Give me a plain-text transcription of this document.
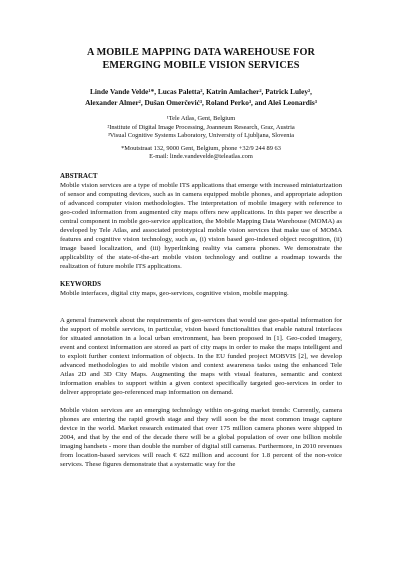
A MOBILE MAPPING DATA WAREHOUSE FOR
EMERGING MOBILE VISION SERVICES
Linde Vande Velde¹*, Lucas Paletta², Katrin Amlacher², Patrick Luley²,
Alexander Almer², Dušan Omerčević³, Roland Perko³, and Aleš Leonardis³
¹Tele Atlas, Gent, Belgium
²Institute of Digital Image Processing, Joanneum Research, Graz, Austria
³Visual Cognitive Systems Laboratory, University of Ljubljana, Slovenia
*Moutstraat 132, 9000 Gent, Belgium, phone +32/9 244 89 63
E-mail: linde.vandevelde@teleatlas.com

ABSTRACT

Mobile vision services are a type of mobile ITS applications that emerge with increased miniaturization of sensor and computing devices, such as in camera equipped mobile phones, and appropriate adoption of advanced computer vision methodologies. The interpretation of mobile imagery with reference to geo-coded information from augmented city maps offers new applications. In this paper we describe a central component in mobile geo-service application, the Mobile Mapping Data Warehouse (MOMA) as developed by Tele Atlas, and associated prototypical mobile vision services that make use of MOMA features and cognitive vision technology, such as, (i) vision based geo-indexed object recognition, (ii) image based localization, and (iii) hyperlinking reality via camera phones. We demonstrate the applicability of the state-of-the-art mobile vision technology and outline a roadmap towards the realization of future mobile ITS applications.

KEYWORDS

Mobile interfaces, digital city maps, geo-services, cognitive vision, mobile mapping.

A general framework about the requirements of geo-services that would use geo-spatial information for the support of mobile services, in particular, vision based functionalities that enable natural interfaces for situated annotation in a local urban environment, has been proposed in [1]. Geo-coded imagery, event and context information are stored as part of city maps in order to make the maps intelligent and to exploit further context information of objects. In the EU funded project MOBVIS [2], we develop advanced methodologies to aid mobile vision and context awareness tasks using the enhanced Tele Atlas 2D and 3D City Maps. Augmenting the maps with visual features, semantic and context information enables to support within a given context specifically targeted geo-services in order to deliver appropriate geo-referenced map information on demand.

Mobile vision services are an emerging technology within on-going market trends: Currently, camera phones are entering the rapid growth stage and they will soon be the most common image capture device in the world. Market research estimated that over 175 million camera phones were shipped in 2004, and that by the end of the decade there will be a global population of over one billion mobile imaging handsets - more than double the number of digital still cameras. Furthermore, in 2010 revenues from location-based services will reach € 622 million and account for 1.8 percent of the non-voice services. These figures demonstrate that a systematic way for the
